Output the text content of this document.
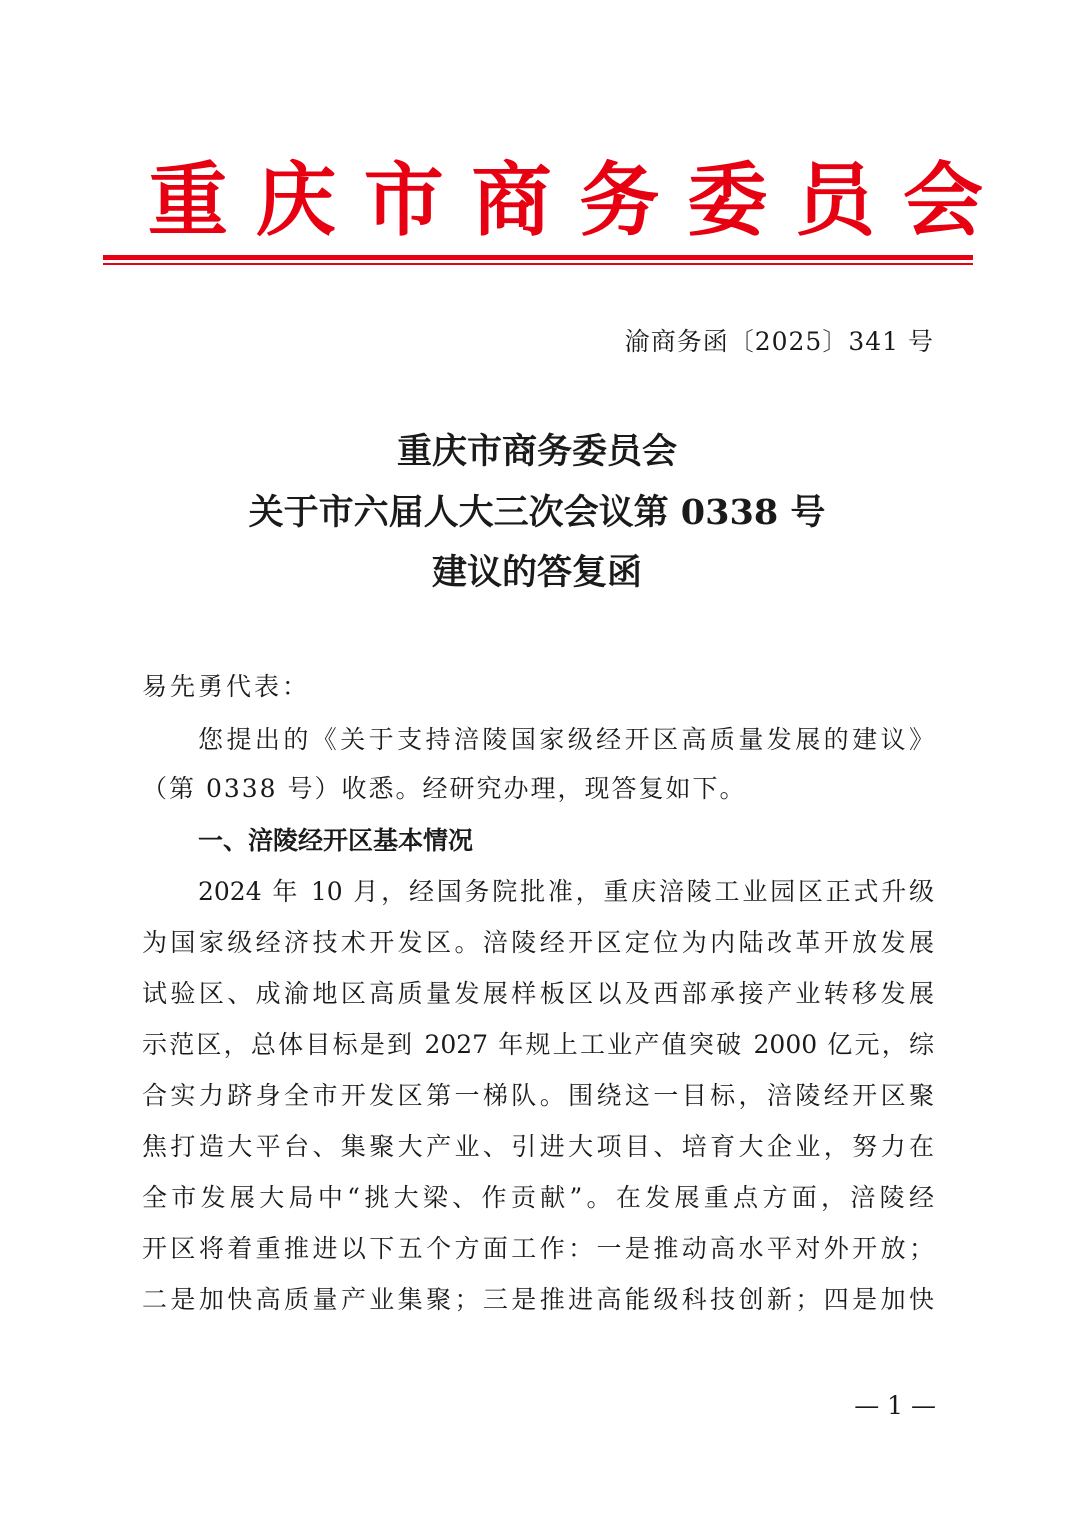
重 庆 市 商 务 委 员 会
渝商务函〔2025〕341 号
重庆市商务委员会
关于市六届人大三次会议第 0338 号
建议的答复函
易先勇代表：
您提出的《关于支持涪陵国家级经开区高质量发展的建议》
（第 0338 号）收悉。经研究办理，现答复如下。
一、涪陵经开区基本情况
2024 年 10 月，经国务院批准，重庆涪陵工业园区正式升级
为国家级经济技术开发区。涪陵经开区定位为内陆改革开放发展
试验区、成渝地区高质量发展样板区以及西部承接产业转移发展
示范区，总体目标是到 2027 年规上工业产值突破 2000 亿元，综
合实力跻身全市开发区第一梯队。围绕这一目标，涪陵经开区聚
焦打造大平台、集聚大产业、引进大项目、培育大企业，努力在
全市发展大局中“挑大梁、作贡献”。在发展重点方面，涪陵经
开区将着重推进以下五个方面工作：一是推动高水平对外开放；
二是加快高质量产业集聚；三是推进高能级科技创新；四是加快
— 1 —
